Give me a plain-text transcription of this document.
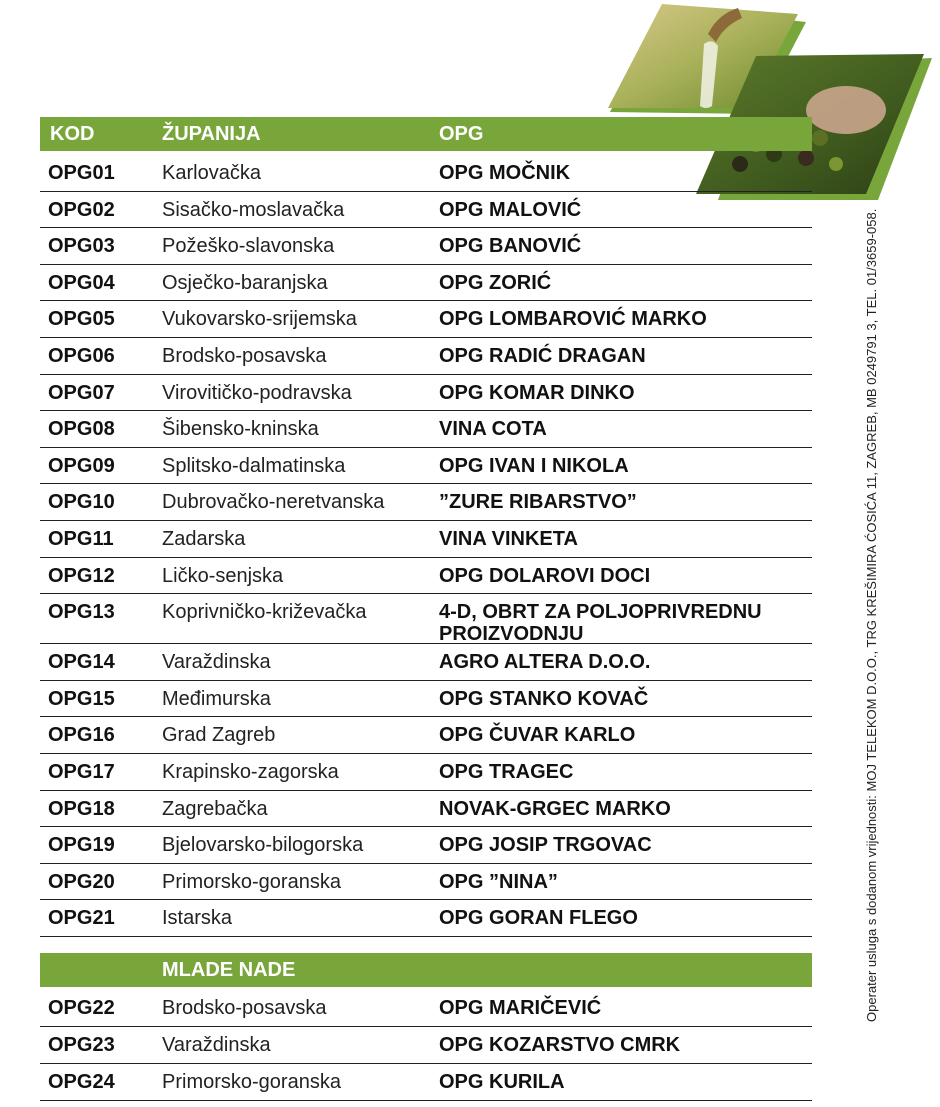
KOD	ŽUPANIJA	OPG
OPG01 Karlovačka	OPG MOČNIK
OPG02 Sisačko-moslavačka	OPG MALOVIĆ
OPG03 Požeško-slavonska	OPG BANOVIĆ
OPG04 Osječko-baranjska	OPG ZORIĆ
OPG05 Vukovarsko-srijemska	OPG LOMBAROVIĆ MARKO
OPG06 Brodsko-posavska	OPG RADIĆ DRAGAN
OPG07 Virovitičko-podravska	OPG KOMAR DINKO
OPG08 Šibensko-kninska	VINA COTA
OPG09 Splitsko-dalmatinska	OPG IVAN I NIKOLA
OPG10 Dubrovačko-neretvanska	”ZURE RIBARSTVO”
OPG11 Zadarska	VINA VINKETA
OPG12 Ličko-senjska	OPG DOLAROVI DOCI
OPG13 Koprivničko-križevačka	4-D, OBRT ZA POLJOPRIVREDNU PROIZVODNJU
OPG14 Varaždinska	AGRO ALTERA D.O.O.
OPG15 Međimurska	OPG STANKO KOVAČ
OPG16 Grad Zagreb	OPG ČUVAR KARLO
OPG17 Krapinsko-zagorska	OPG TRAGEC
OPG18 Zagrebačka	NOVAK-GRGEC MARKO
OPG19 Bjelovarsko-bilogorska	OPG JOSIP TRGOVAC
OPG20 Primorsko-goranska	OPG ”NINA”
OPG21 Istarska	OPG GORAN FLEGO
MLADE NADE
OPG22 Brodsko-posavska	OPG MARIČEVIĆ
OPG23 Varaždinska	OPG KOZARSTVO CMRK
OPG24 Primorsko-goranska	OPG KURILA
Operater usluga s dodanom vrijednosti: MOJ TELEKOM D.O.O., TRG KREŠIMIRA ĆOSIĆA 11, ZAGREB, MB 0249791 3, TEL. 01/3659-058.
